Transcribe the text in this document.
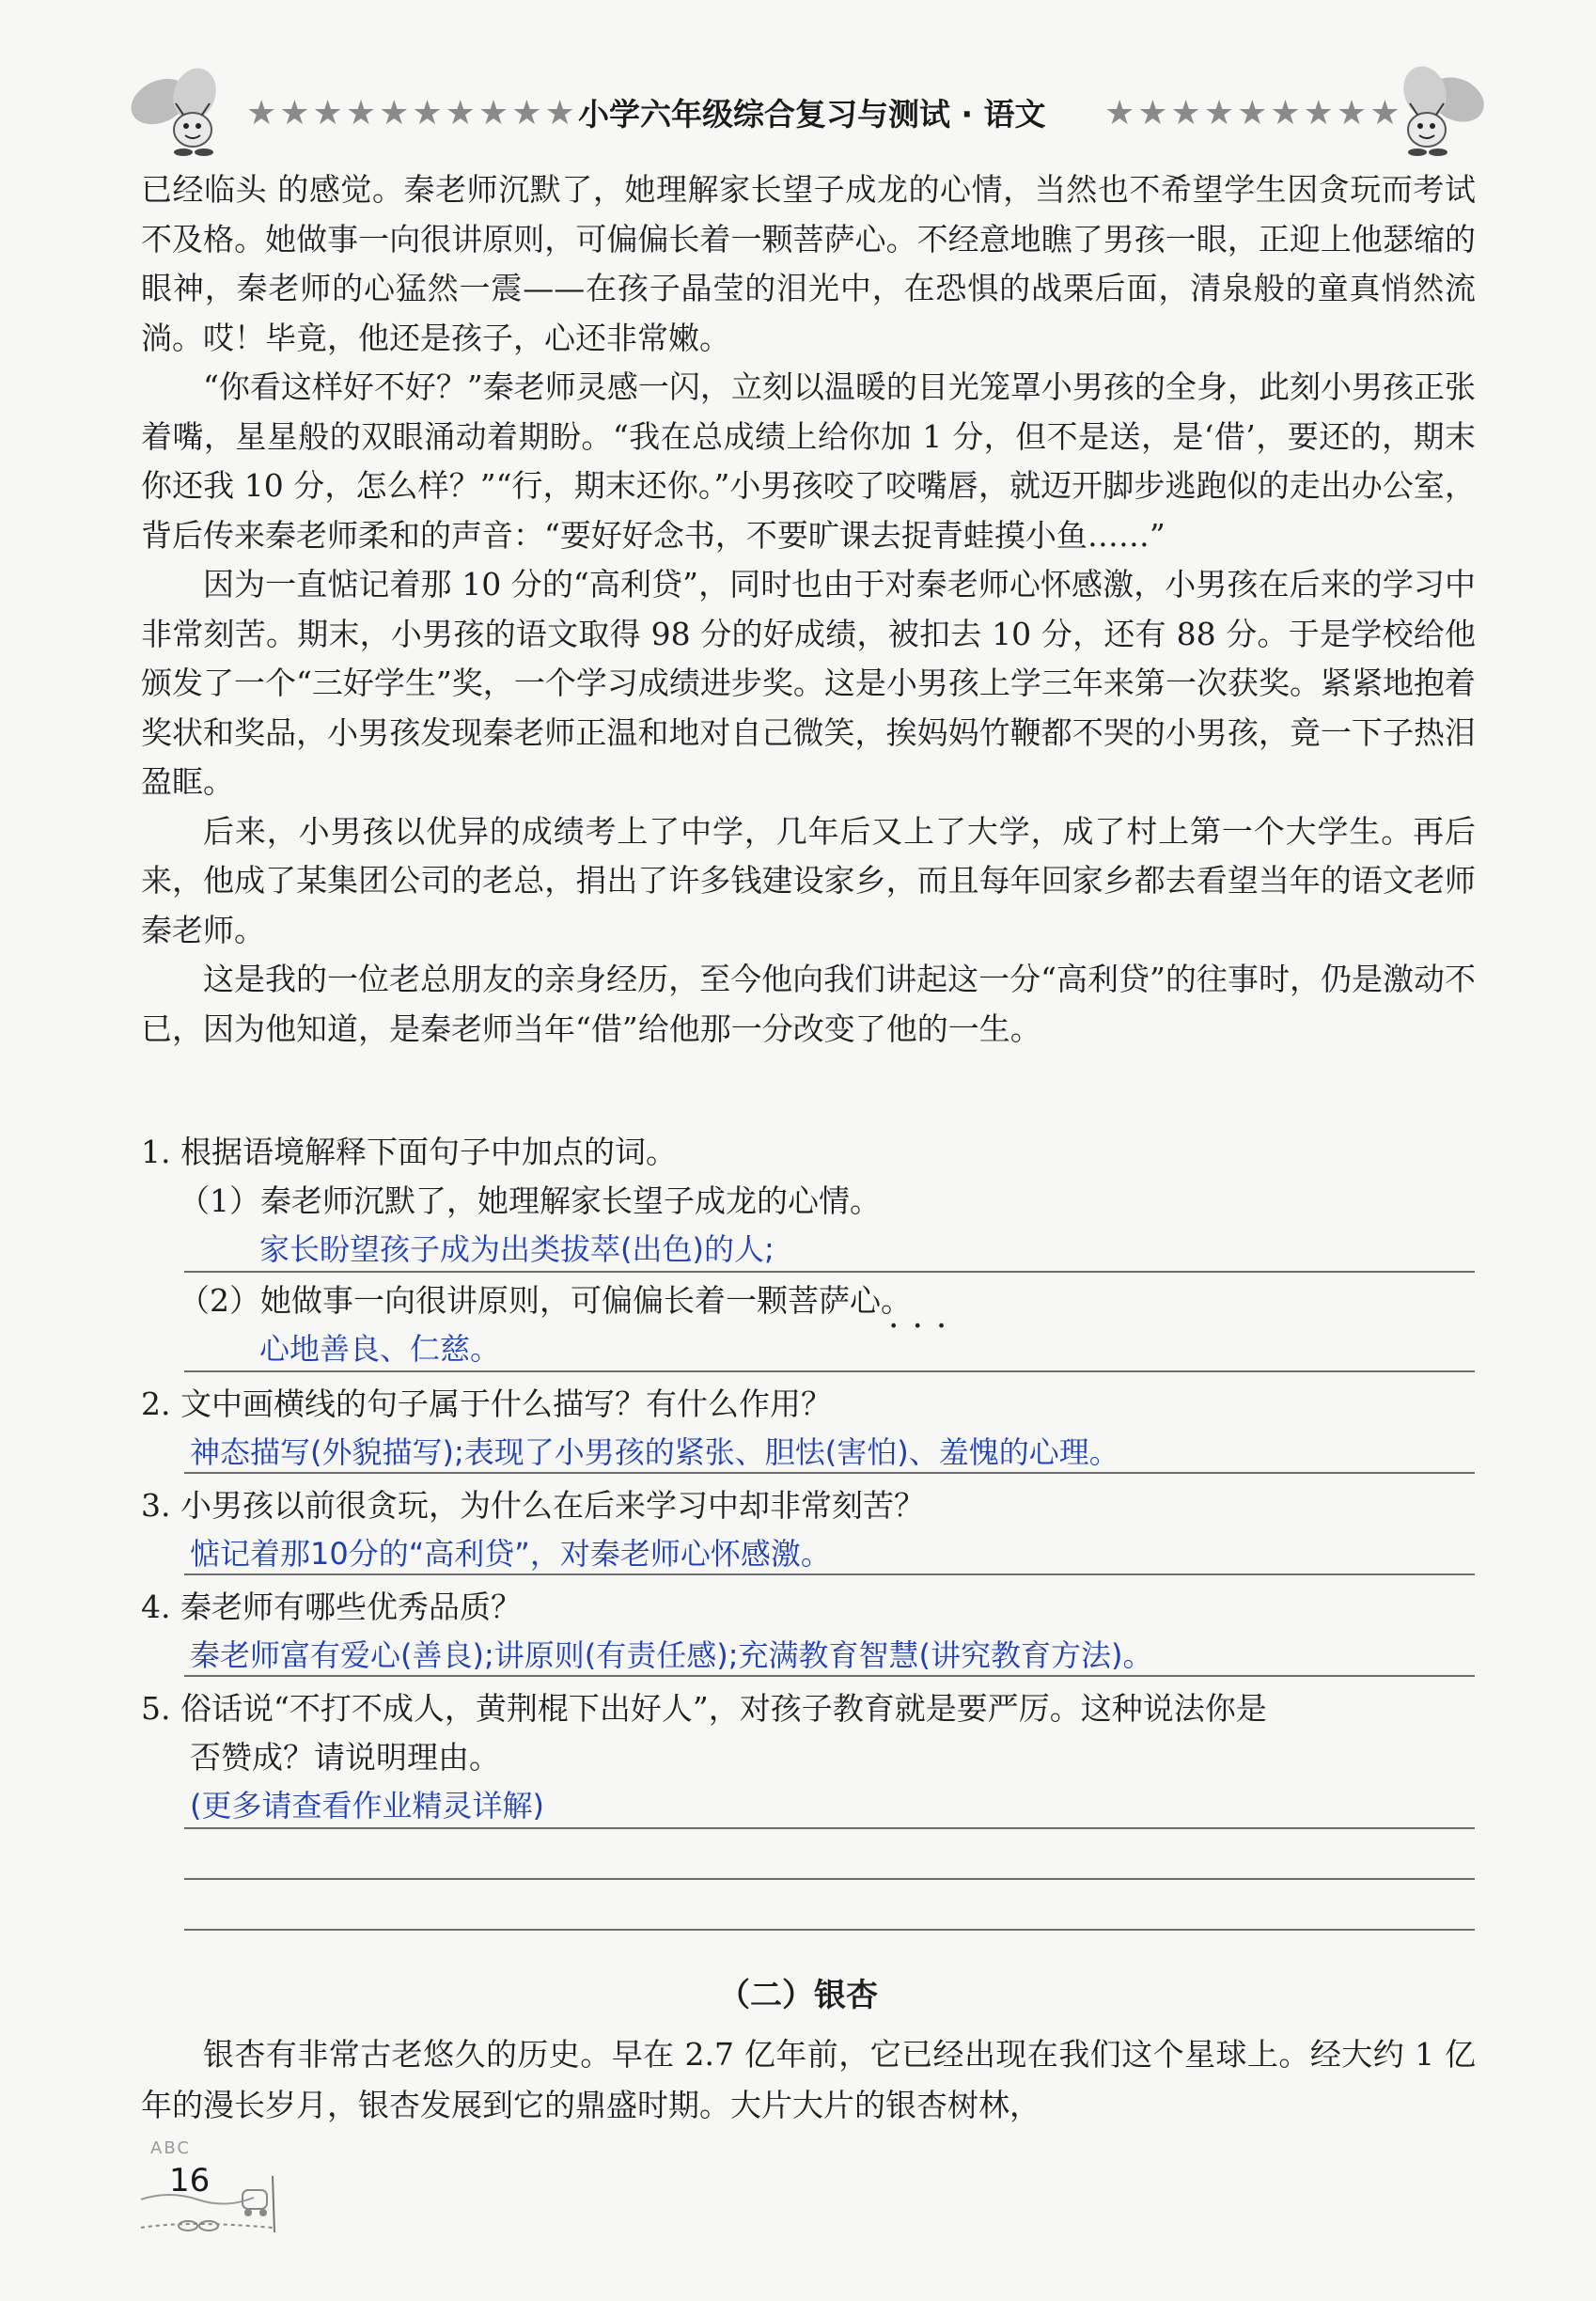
★★★★★★★★★★ 小学六年级综合复习与测试 · 语文	★★★★★★★★★

已经临头 的感觉。秦老师沉默了，她理解家长望子成龙的心情，当然也不希望学生因贪玩而考试不及格。她做事一向很讲原则，可偏偏长着一颗菩萨心。不经意地瞧了男孩一眼，正迎上他瑟缩的眼神，秦老师的心猛然一震——在孩子晶莹的泪光中，在恐惧的战栗后面，清泉般的童真悄然流淌。哎！毕竟，他还是孩子，心还非常嫩。

“你看这样好不好？”秦老师灵感一闪，立刻以温暖的目光笼罩小男孩的全身，此刻小男孩正张着嘴，星星般的双眼涌动着期盼。“我在总成绩上给你加 1 分，但不是送，是‘借’，要还的，期末你还我 10 分，怎么样？”“行，期末还你。”小男孩咬了咬嘴唇，就迈开脚步逃跑似的走出办公室，背后传来秦老师柔和的声音：“要好好念书，不要旷课去捉青蛙摸小鱼……”

因为一直惦记着那 10 分的“高利贷”，同时也由于对秦老师心怀感激，小男孩在后来的学习中非常刻苦。期末，小男孩的语文取得 98 分的好成绩，被扣去 10 分，还有 88 分。于是学校给他颁发了一个“三好学生”奖，一个学习成绩进步奖。这是小男孩上学三年来第一次获奖。紧紧地抱着奖状和奖品，小男孩发现秦老师正温和地对自己微笑，挨妈妈竹鞭都不哭的小男孩，竟一下子热泪盈眶。

后来，小男孩以优异的成绩考上了中学，几年后又上了大学，成了村上第一个大学生。再后来，他成了某集团公司的老总，捐出了许多钱建设家乡，而且每年回家乡都去看望当年的语文老师秦老师。

这是我的一位老总朋友的亲身经历，至今他向我们讲起这一分“高利贷”的往事时，仍是激动不已，因为他知道，是秦老师当年“借”给他那一分改变了他的一生。

1. 根据语境解释下面句子中加点的词。
（1）秦老师沉默了，她理解家长望子成龙的心情。
家长盼望孩子成为出类拔萃(出色)的人;
（2）她做事一向很讲原则，可偏偏长着一颗菩萨心。
心地善良、仁慈。
···
2. 文中画横线的句子属于什么描写？有什么作用？
神态描写(外貌描写);表现了小男孩的紧张、胆怯(害怕)、羞愧的心理。
3. 小男孩以前很贪玩，为什么在后来学习中却非常刻苦？
惦记着那10分的“高利贷”，对秦老师心怀感激。
4. 秦老师有哪些优秀品质？
秦老师富有爱心(善良);讲原则(有责任感);充满教育智慧(讲究教育方法)。
5. 俗话说“不打不成人，黄荆棍下出好人”，对孩子教育就是要严厉。这种说法你是
否赞成？请说明理由。
(更多请查看作业精灵详解)
（二）银杏

银杏有非常古老悠久的历史。早在 2.7 亿年前，它已经出现在我们这个星球上。经大约 1 亿年的漫长岁月，银杏发展到它的鼎盛时期。大片大片的银杏树林，

ABC
16
